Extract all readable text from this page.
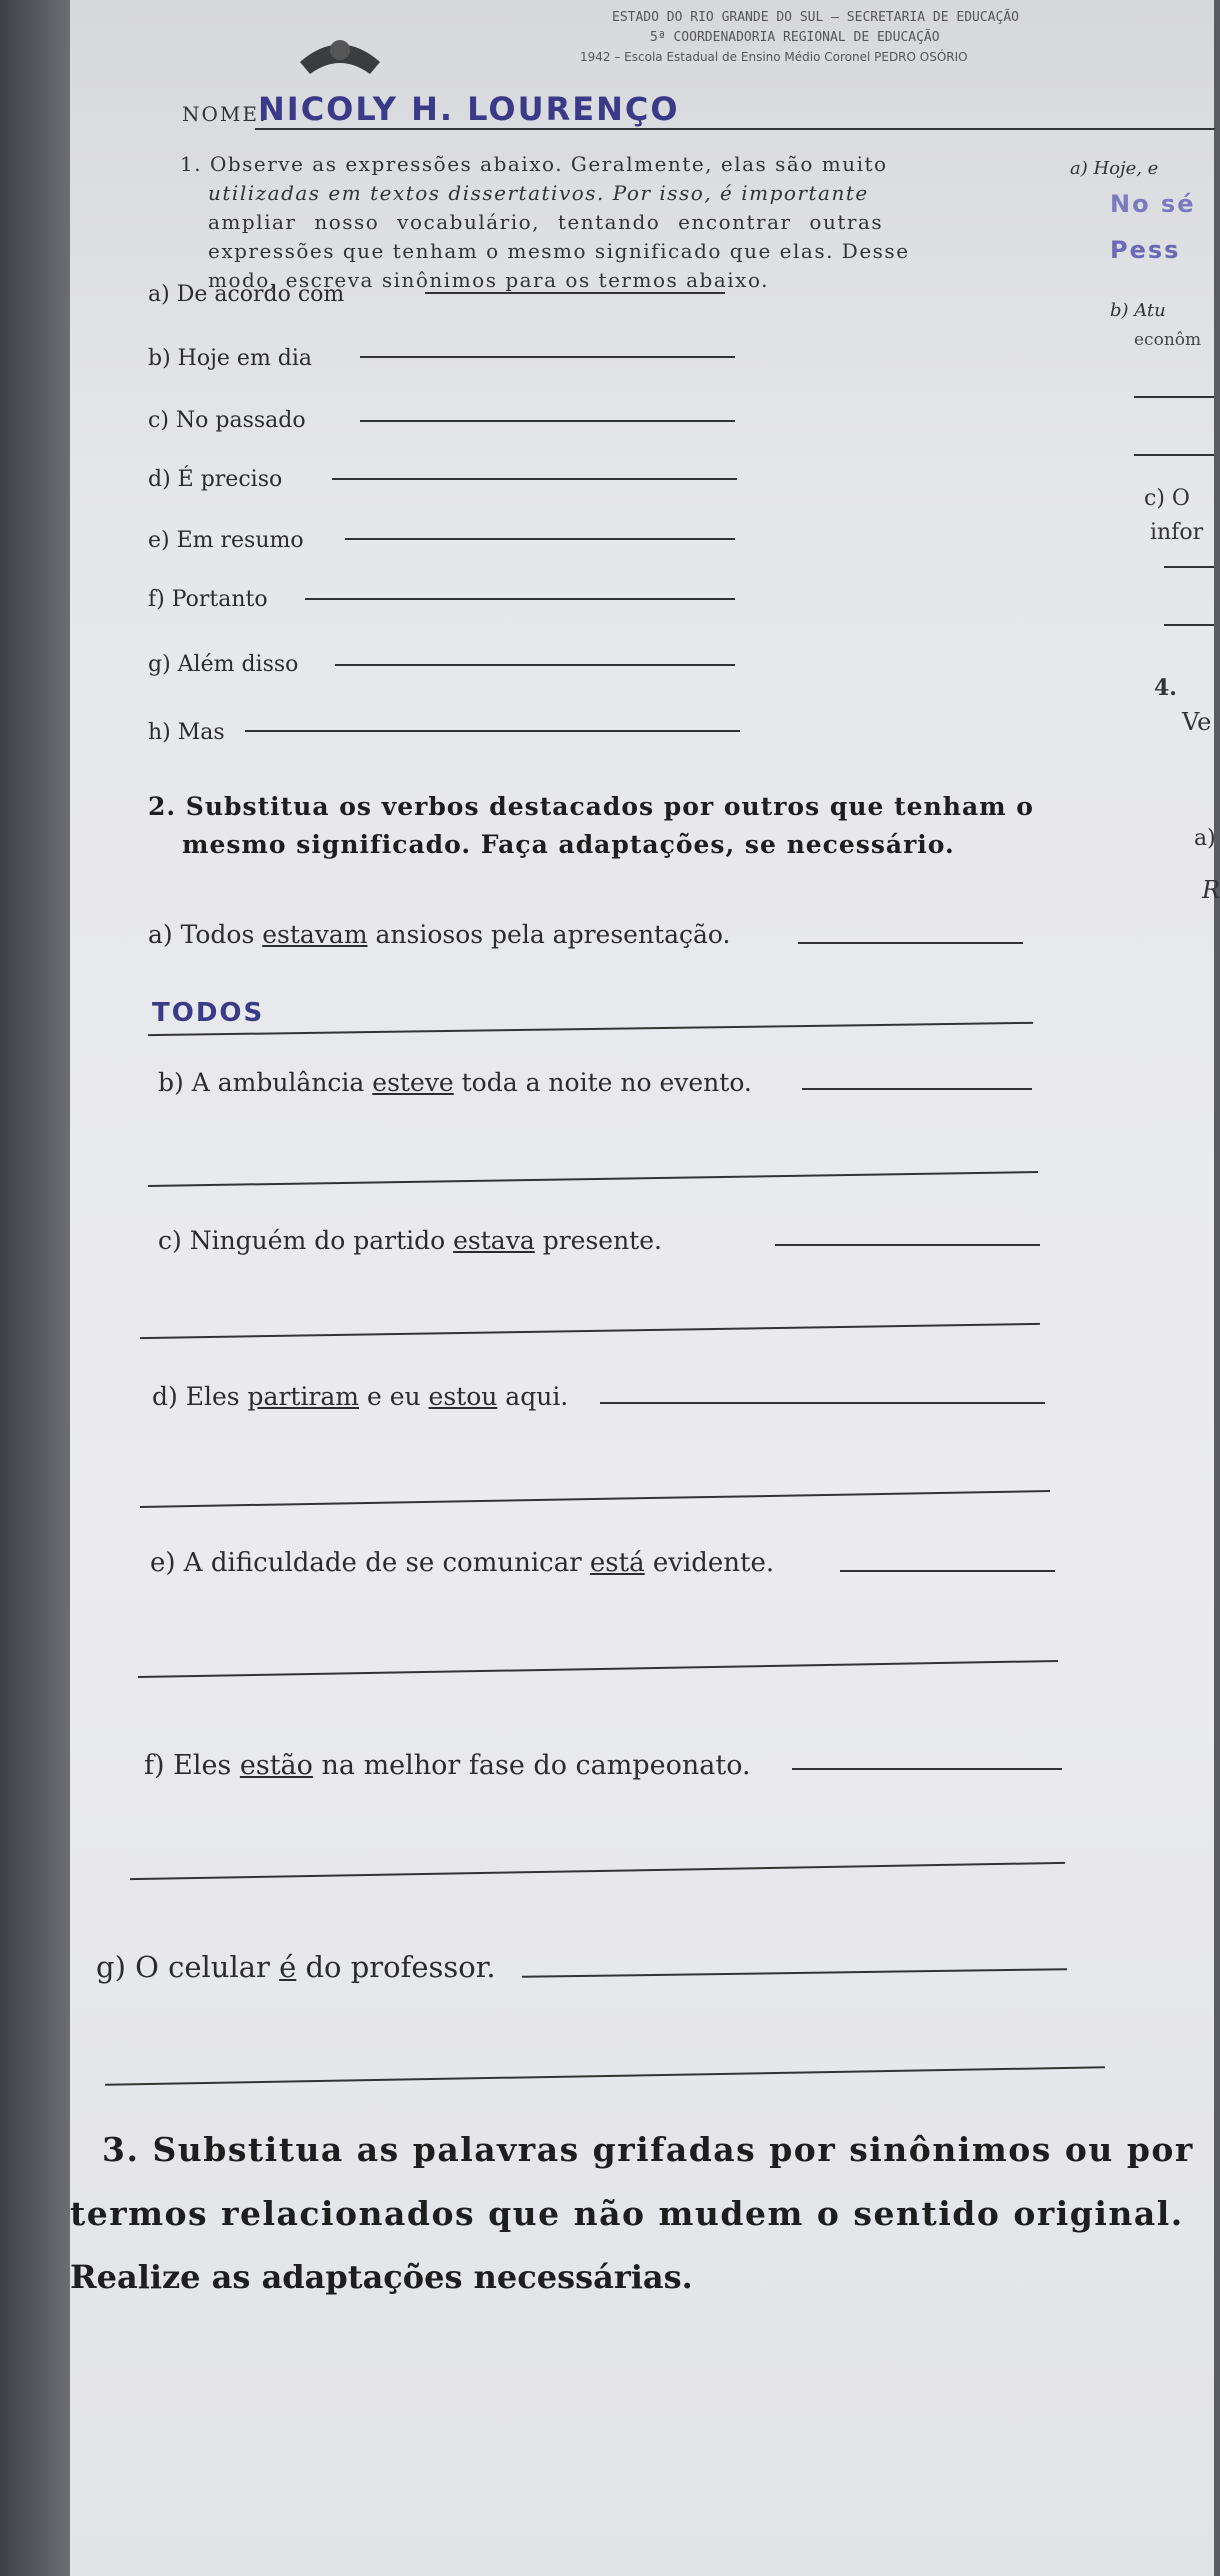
ESTADO DO RIO GRANDE DO SUL – SECRETARIA DE EDUCAÇÃO
5ª COORDENADORIA REGIONAL DE EDUCAÇÃO
1942 – Escola Estadual de Ensino Médio Coronel PEDRO OSÓRIO
NOME:
NICOLY H. LOURENÇO
1. Observe as expressões abaixo. Geralmente, elas são muito
utilizadas em textos dissertativos. Por isso, é importante
ampliar nosso vocabulário, tentando encontrar outras
expressões que tenham o mesmo significado que elas. Desse
modo, escreva sinônimos para os termos abaixo.
a) De acordo com
b) Hoje em dia
c) No passado
d) É preciso
e) Em resumo
f) Portanto
g) Além disso
h) Mas
2. Substitua os verbos destacados por outros que tenham o
mesmo significado. Faça adaptações, se necessário.
a) Todos estavam ansiosos pela apresentação.
TODOS
b) A ambulância esteve toda a noite no evento.
c) Ninguém do partido estava presente.
d) Eles partiram e eu estou aqui.
e) A dificuldade de se comunicar está evidente.
f) Eles estão na melhor fase do campeonato.
g) O celular é do professor.
3. Substitua as palavras grifadas por sinônimos ou por
termos relacionados que não mudem o sentido original.
Realize as adaptações necessárias.
a) Hoje, e
No sé
Pess
b) Atu
econôm
c) O
infor
4.
Ve
a)
R
